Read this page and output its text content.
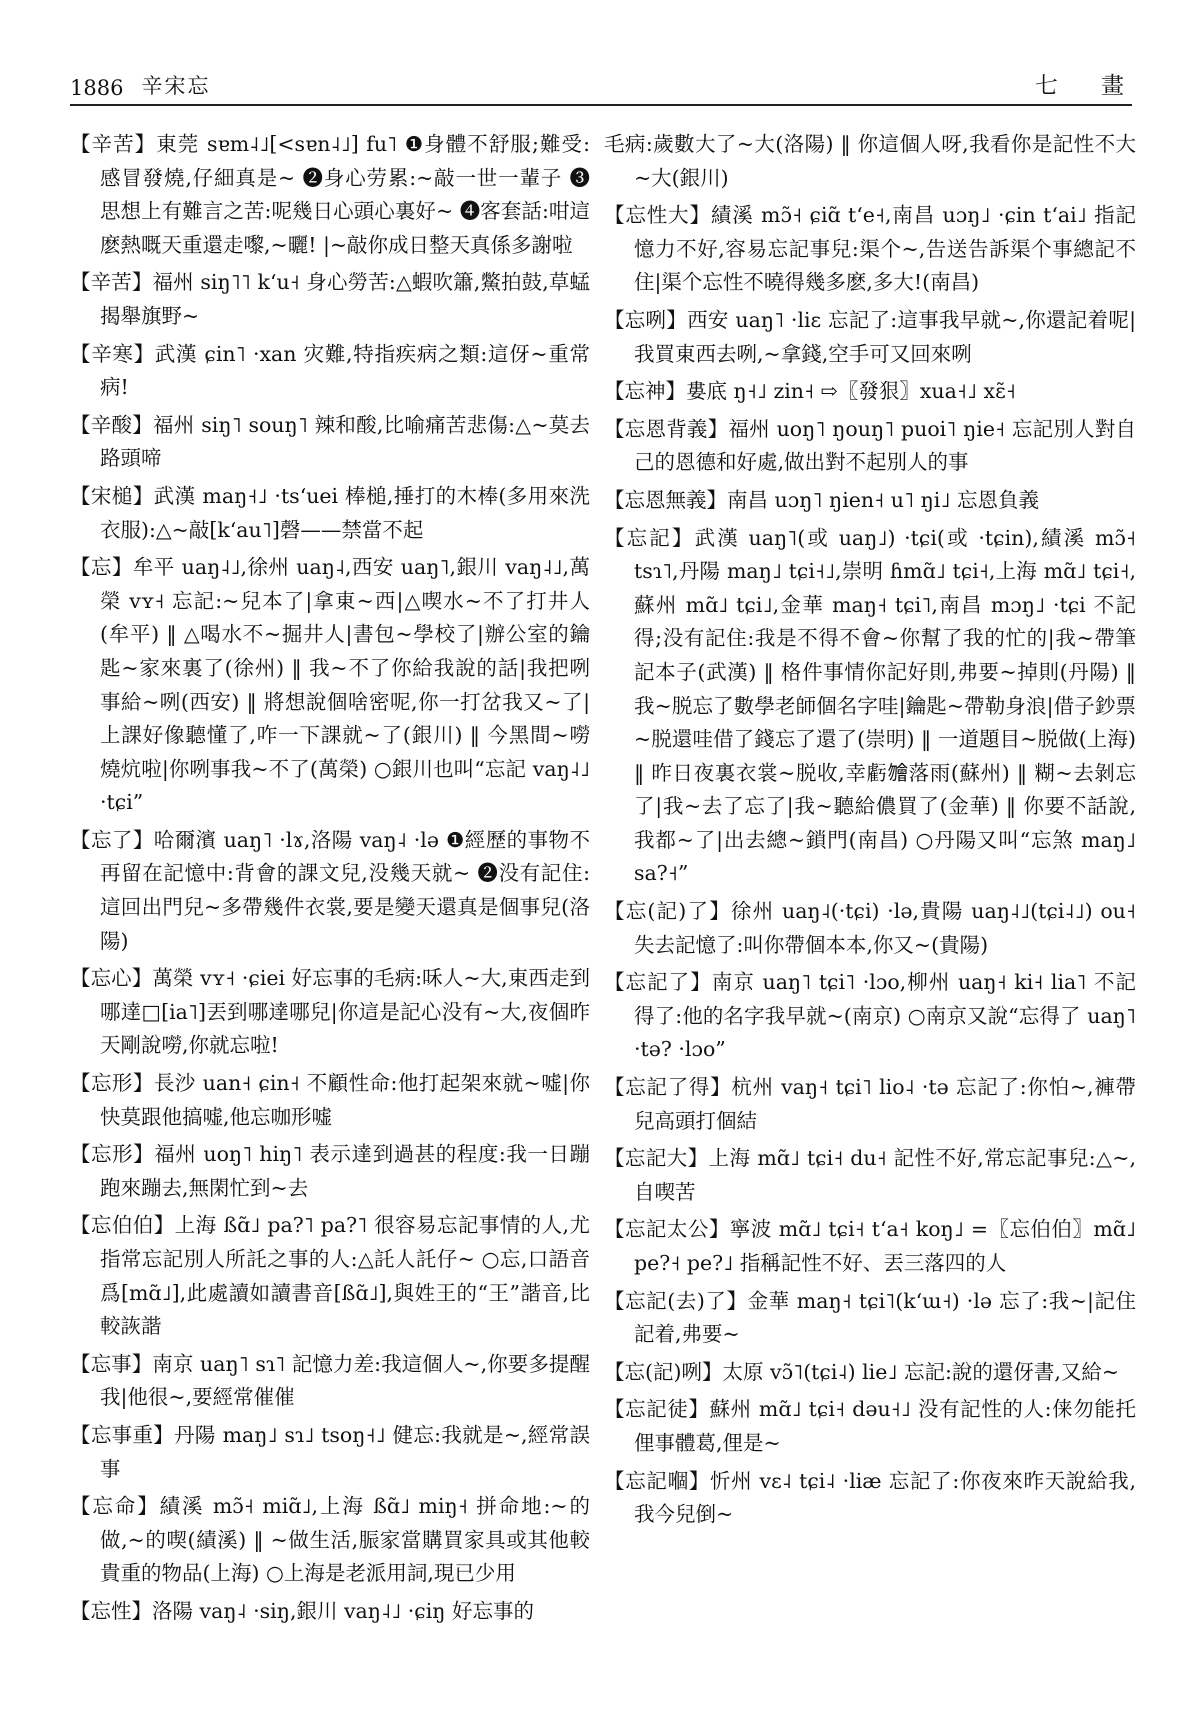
1886 辛宋忘	七 畫

【辛苦】東莞 sɐm˨˩[<sɐn˨˩] fu˥ ❶身體不舒服;難受:感冒發燒,仔細真是~ ❷身心劳累:~敲一世一輩子 ❸思想上有難言之苦:呢幾日心頭心裏好~ ❹客套話:咁這麽熱嘅天重還走嚟,~曬! |~敲你成日整天真係多謝啦

【辛苦】福州 siŋ˥˥ kʻu˧ 身心勞苦:△蝦吹簫,鱉拍鼓,草蜢揭舉旗野~

【辛寒】武漢 ɕin˥ ·xan 灾難,特指疾病之類:這伢~重常病!

【辛酸】福州 siŋ˥ souŋ˥ 辣和酸,比喻痛苦悲傷:△~莫去路頭啼

【宋槌】武漢 maŋ˧˩ ·tsʻuei 棒槌,捶打的木棒(多用來洗衣服):△~敲[kʻau˥]磬——禁當不起

【忘】牟平 uaŋ˨˩,徐州 uaŋ˨,西安 uaŋ˥,銀川 vaŋ˨˩,萬榮 vʏ˧ 忘記:~兒本了|拿東~西|△喫水~不了打井人(牟平) ‖ △喝水不~掘井人|書包~學校了|辦公室的鑰匙~家來裏了(徐州) ‖ 我~不了你給我說的話|我把咧事給~咧(西安) ‖ 將想說個啥密呢,你一打岔我又~了|上課好像聽懂了,咋一下課就~了(銀川) ‖ 今黑間~嘮燒炕啦|你咧事我~不了(萬榮) ○銀川也叫“忘記 vaŋ˨˩ ·tɕi”

【忘了】哈爾濱 uaŋ˥ ·lɤ,洛陽 vaŋ˨ ·lə ❶經歷的事物不再留在記憶中:背會的課文兒,没幾天就~ ❷没有記住:這回出門兒~多帶幾件衣裳,要是變天還真是個事兒(洛陽)

【忘心】萬榮 vʏ˧ ·ɕiei 好忘事的毛病:咊人~大,東西走到哪達□[ia˥]丟到哪達哪兒|你這是記心没有~大,夜個昨天剛說嘮,你就忘啦!

【忘形】長沙 uan˧ ɕin˧ 不顧性命:他打起架來就~嘘|你快莫跟他搞嘘,他忘咖形嘘

【忘形】福州 uoŋ˥ hiŋ˥ 表示達到過甚的程度:我一日蹦跑來蹦去,無閑忙到~去

【忘伯伯】上海 ßɑ̃˩ pa?˥ pa?˥ 很容易忘記事情的人,尤指常忘記別人所託之事的人:△託人託仔~ ○忘,口語音爲[mɑ̃˩],此處讀如讀書音[ßɑ̃˩],與姓王的“王”諧音,比較詼諧

【忘事】南京 uaŋ˥ sɿ˥ 記憶力差:我這個人~,你要多提醒我|他很~,要經常催催

【忘事重】丹陽 maŋ˩ sɿ˩ tsoŋ˧˩ 健忘:我就是~,經常誤事

【忘命】績溪 mɔ̃˧ miɑ̃˩,上海 ßɑ̃˩ miŋ˧ 拼命地:~的做,~的喫(績溪) ‖ ~做生活,脤家當購買家具或其他較貴重的物品(上海) ○上海是老派用詞,現已少用

【忘性】洛陽 vaŋ˨ ·siŋ,銀川 vaŋ˨˩ ·ɕiŋ 好忘事的

毛病:歲數大了~大(洛陽) ‖ 你這個人呀,我看你是記性不大~大(銀川)

【忘性大】績溪 mɔ̃˧ ɕiɑ̃ tʻe˧,南昌 uɔŋ˩ ·ɕin tʻai˩ 指記憶力不好,容易忘記事兒:渠个~,告送告訴渠个事總記不住|渠个忘性不曉得幾多麽,多大!(南昌)

【忘咧】西安 uaŋ˥ ·liɛ 忘記了:這事我早就~,你還記着呢|我買東西去咧,~拿錢,空手可又回來咧

【忘神】婁底 ŋ˧˩ zin˧ ⇨〖發狠〗xua˧˩ xɛ̃˧

【忘恩背義】福州 uoŋ˥ ŋouŋ˥ puoi˥ ŋie˧ 忘記別人對自己的恩德和好處,做出對不起別人的事

【忘恩無義】南昌 uɔŋ˥ ŋien˧ u˥ ŋi˩ 忘恩負義

【忘記】武漢 uaŋ˥(或 uaŋ˩) ·tɕi(或 ·tɕin),績溪 mɔ̃˧ tsɿ˥,丹陽 maŋ˩ tɕi˧˩,崇明 ɦmɑ̃˩ tɕi˧,上海 mɑ̃˩ tɕi˧,蘇州 mɑ̃˩ tɕi˩,金華 maŋ˧ tɕi˥,南昌 mɔŋ˩ ·tɕi 不記得;没有記住:我是不得不會~你幫了我的忙的|我~帶筆記本子(武漢) ‖ 格件事情你記好則,弗要~掉則(丹陽) ‖ 我~脱忘了數學老師個名字哇|鑰匙~帶勒身浪|借子鈔票~脱還哇借了錢忘了還了(崇明) ‖ 一道題目~脱做(上海) ‖ 昨日夜裏衣裳~脱收,幸虧𣍐落雨(蘇州) ‖ 糊~去剝忘了|我~去了忘了|我~聽給儂買了(金華) ‖ 你要不話說,我都~了|出去總~鎖門(南昌) ○丹陽又叫“忘煞 maŋ˩ sa?˧”

【忘(記)了】徐州 uaŋ˨(·tɕi) ·lə,貴陽 uaŋ˨˩(tɕi˨˩) ou˧ 失去記憶了:叫你帶個本本,你又~(貴陽)

【忘記了】南京 uaŋ˥ tɕi˥ ·lɔo,柳州 uaŋ˧ ki˧ lia˥ 不記得了:他的名字我早就~(南京) ○南京又說“忘得了 uaŋ˥ ·tə? ·lɔo”

【忘記了得】杭州 vaŋ˧ tɕi˥ lio˨ ·tə 忘記了:你怕~,褲帶兒高頭打個結

【忘記大】上海 mɑ̃˩ tɕi˧ du˧ 記性不好,常忘記事兒:△~,自喫苦

【忘記太公】寧波 mɑ̃˩ tɕi˧ tʻa˧ koŋ˩ =〖忘伯伯〗mɑ̃˩ pe?˧ pe?˩ 指稱記性不好、丟三落四的人

【忘記(去)了】金華 maŋ˧ tɕi˥(kʻɯ˧) ·lə 忘了:我~|記住記着,弗要~

【忘(記)咧】太原 vɔ̃˥(tɕi˨) lie˩ 忘記:說的還伢書,又給~

【忘記徒】蘇州 mɑ̃˩ tɕi˧ dəu˧˩ 没有記性的人:俫勿能托俚事體葛,俚是~

【忘記嗰】忻州 vɛ˨ tɕi˨ ·liæ 忘記了:你夜來昨天說給我,我今兒倒~
